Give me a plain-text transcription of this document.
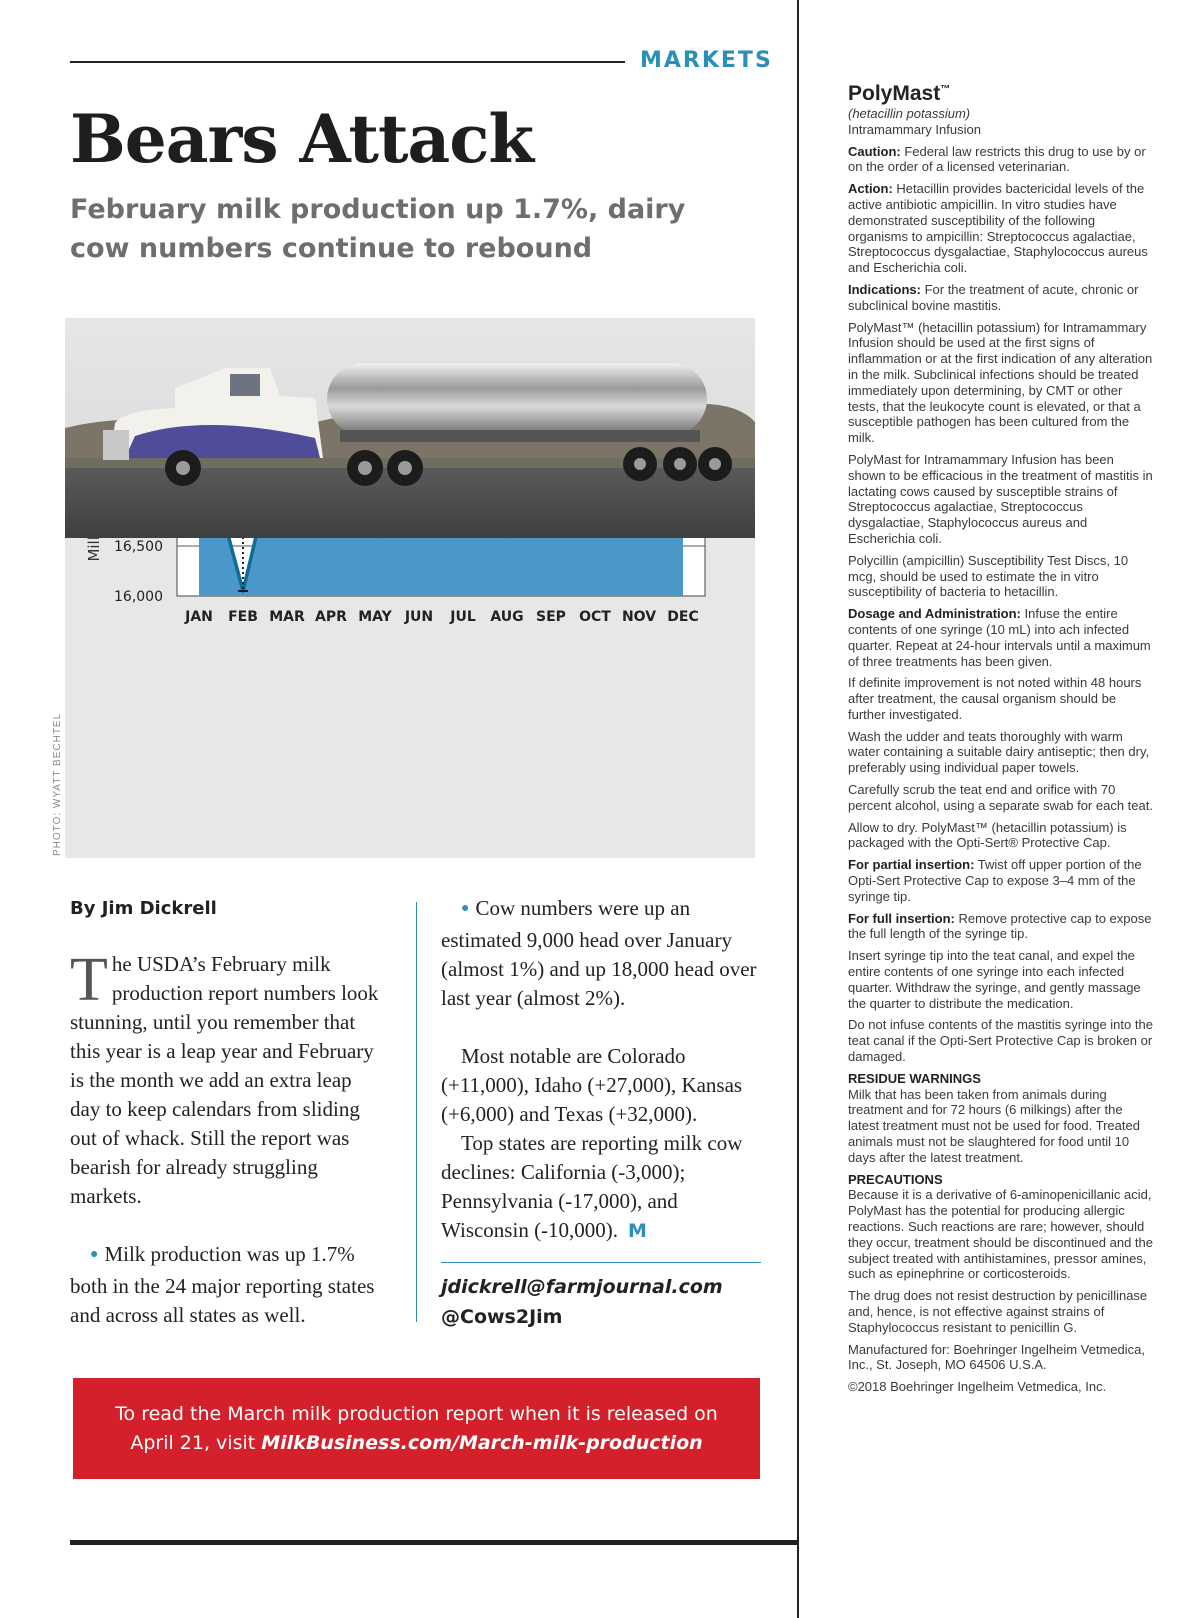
MARKETS
Bears Attack
February milk production up 1.7%, dairy cow numbers continue to rebound
16,500
16,000
JAN FEB MAR APR MAY JUN JUL AUG SEP OCT NOV DEC
PHOTO: WYATT BECHTEL
By Jim Dickrell

The USDA’s February milk production report numbers look stunning, until you remember that this year is a leap year and February is the month we add an extra leap day to keep calendars from sliding out of whack. Still the report was bearish for already struggling markets.

● Milk production was up 1.7% both in the 24 major reporting states and across all states as well.

● Cow numbers were up an estimated 9,000 head over January (almost 1%) and up 18,000 head over last year (almost 2%).

Most notable are Colorado (+11,000), Idaho (+27,000), Kansas (+6,000) and Texas (+32,000).

Top states are reporting milk cow declines: California (-3,000); Pennsylvania (-17,000), and Wisconsin (-10,000). M

jdickrell@farmjournal.com
@Cows2Jim
To read the March milk production report when it is released on
April 21, visit MilkBusiness.com/March-milk-production

PolyMast™

(hetacillin potassium)

Intramammary Infusion

Caution: Federal law restricts this drug to use by or on the order of a licensed veterinarian.

Action: Hetacillin provides bactericidal levels of the active antibiotic ampicillin. In vitro studies have demonstrated susceptibility of the following organisms to ampicillin: Streptococcus agalactiae, Streptococcus dysgalactiae, Staphylococcus aureus and Escherichia coli.

Indications: For the treatment of acute, chronic or subclinical bovine mastitis.

PolyMast™ (hetacillin potassium) for Intramammary Infusion should be used at the first signs of inflammation or at the first indication of any alteration in the milk. Subclinical infections should be treated immediately upon determining, by CMT or other tests, that the leukocyte count is elevated, or that a susceptible pathogen has been cultured from the milk.

PolyMast for Intramammary Infusion has been shown to be efficacious in the treatment of mastitis in lactating cows caused by susceptible strains of Streptococcus agalactiae, Streptococcus dysgalactiae, Staphylococcus aureus and Escherichia coli.

Polycillin (ampicillin) Susceptibility Test Discs, 10 mcg, should be used to estimate the in vitro susceptibility of bacteria to hetacillin.

Dosage and Administration: Infuse the entire contents of one syringe (10 mL) into ach infected quarter. Repeat at 24-hour intervals until a maximum of three treatments has been given.

If definite improvement is not noted within 48 hours after treatment, the causal organism should be further investigated.

Wash the udder and teats thoroughly with warm water containing a suitable dairy antiseptic; then dry, preferably using individual paper towels.

Carefully scrub the teat end and orifice with 70 percent alcohol, using a separate swab for each teat.

Allow to dry. PolyMast™ (hetacillin potassium) is packaged with the Opti-Sert® Protective Cap.

For partial insertion: Twist off upper portion of the Opti-Sert Protective Cap to expose 3–4 mm of the syringe tip.

For full insertion: Remove protective cap to expose the full length of the syringe tip.

Insert syringe tip into the teat canal, and expel the entire contents of one syringe into each infected quarter. Withdraw the syringe, and gently massage the quarter to distribute the medication.

Do not infuse contents of the mastitis syringe into the teat canal if the Opti-Sert Protective Cap is broken or damaged.

RESIDUE WARNINGS

Milk that has been taken from animals during treatment and for 72 hours (6 milkings) after the latest treatment must not be used for food. Treated animals must not be slaughtered for food until 10 days after the latest treatment.

PRECAUTIONS

Because it is a derivative of 6-aminopenicillanic acid, PolyMast has the potential for producing allergic reactions. Such reactions are rare; however, should they occur, treatment should be discontinued and the subject treated with antihistamines, pressor amines, such as epinephrine or corticosteroids.

The drug does not resist destruction by penicillinase and, hence, is not effective against strains of Staphylococcus resistant to penicillin G.

Manufactured for: Boehringer Ingelheim Vetmedica, Inc., St. Joseph, MO 64506 U.S.A.

©2018 Boehringer Ingelheim Vetmedica, Inc.
